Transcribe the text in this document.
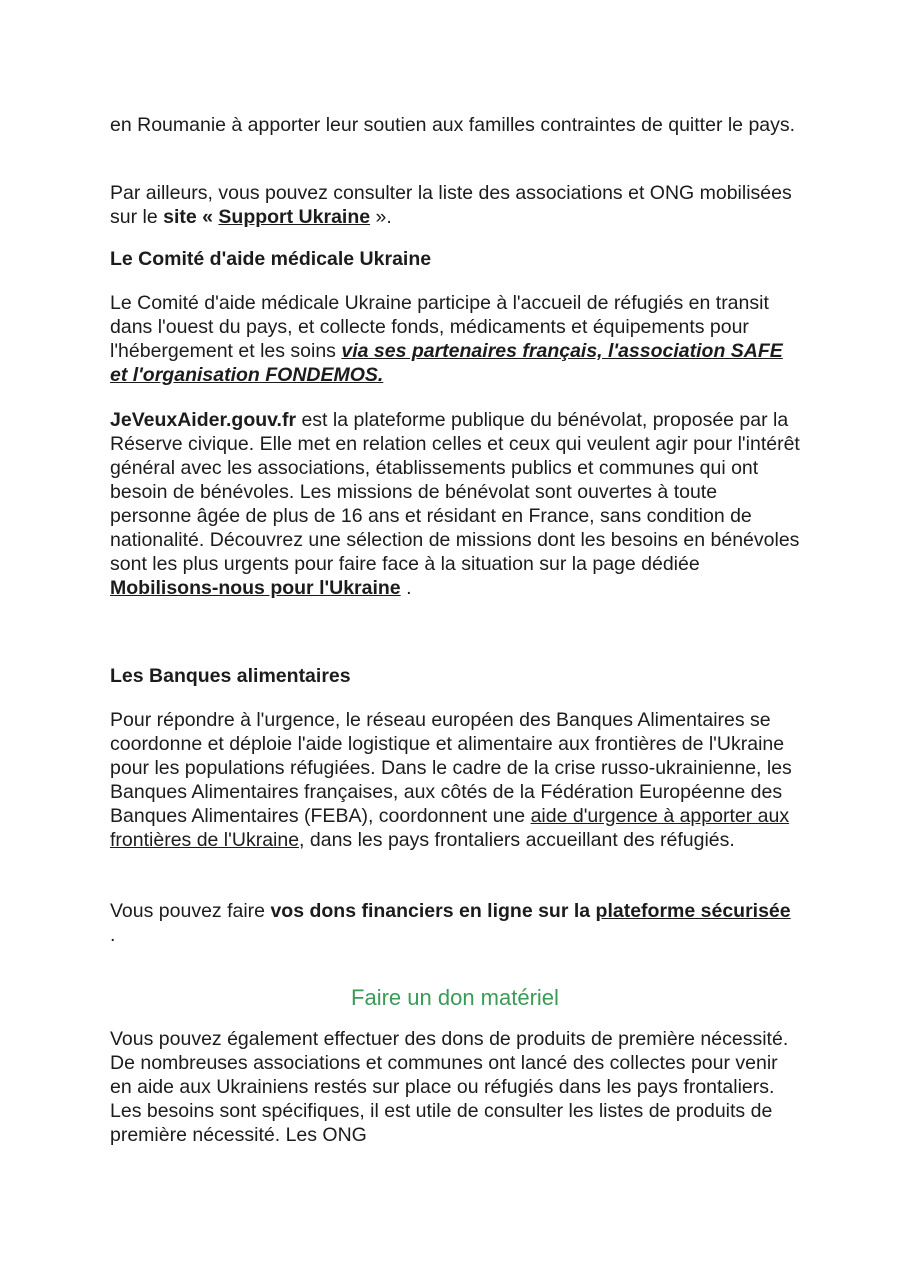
en Roumanie à apporter leur soutien aux familles contraintes de quitter le pays.

Par ailleurs, vous pouvez consulter la liste des associations et ONG mobilisées sur le site « Support Ukraine ».

Le Comité d'aide médicale Ukraine

Le Comité d'aide médicale Ukraine participe à l'accueil de réfugiés en transit dans l'ouest du pays, et collecte fonds, médicaments et équipements pour l'hébergement et les soins via ses partenaires français, l'association SAFE et l'organisation FONDEMOS.

JeVeuxAider.gouv.fr est la plateforme publique du bénévolat, proposée par la Réserve civique. Elle met en relation celles et ceux qui veulent agir pour l'intérêt général avec les associations, établissements publics et communes qui ont besoin de bénévoles. Les missions de bénévolat sont ouvertes à toute personne âgée de plus de 16 ans et résidant en France, sans condition de nationalité. Découvrez une sélection de missions dont les besoins en bénévoles sont les plus urgents pour faire face à la situation sur la page dédiée Mobilisons-nous pour l'Ukraine .

Les Banques alimentaires

Pour répondre à l'urgence, le réseau européen des Banques Alimentaires se coordonne et déploie l'aide logistique et alimentaire aux frontières de l'Ukraine pour les populations réfugiées. Dans le cadre de la crise russo-ukrainienne, les Banques Alimentaires françaises, aux côtés de la Fédération Européenne des Banques Alimentaires (FEBA), coordonnent une aide d'urgence à apporter aux frontières de l'Ukraine, dans les pays frontaliers accueillant des réfugiés.

Vous pouvez faire vos dons financiers en ligne sur la plateforme sécurisée .

Faire un don matériel

Vous pouvez également effectuer des dons de produits de première nécessité. De nombreuses associations et communes ont lancé des collectes pour venir en aide aux Ukrainiens restés sur place ou réfugiés dans les pays frontaliers. Les besoins sont spécifiques, il est utile de consulter les listes de produits de première nécessité. Les ONG
